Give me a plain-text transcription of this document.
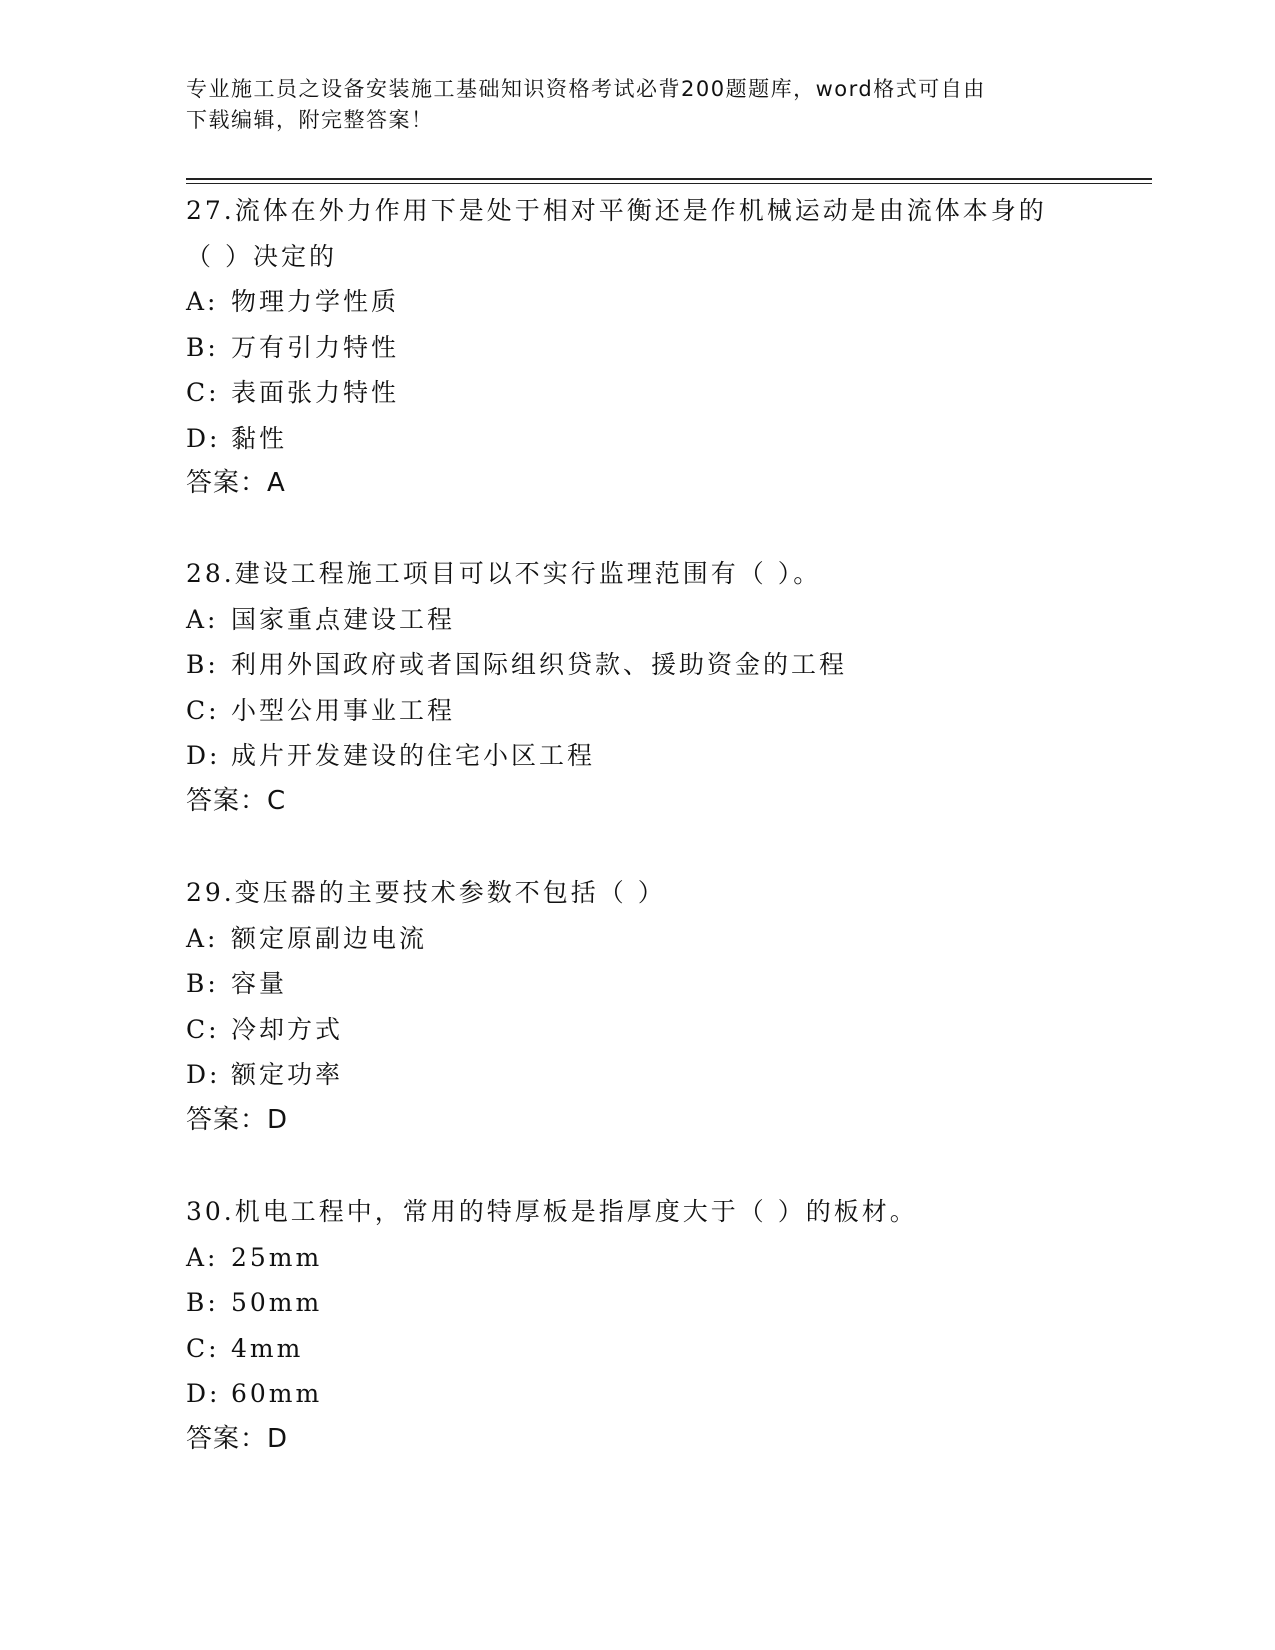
专业施工员之设备安装施工基础知识资格考试必背200题题库，word格式可自由
下载编辑，附完整答案！

27.流体在外力作用下是处于相对平衡还是作机械运动是由流体本身的

（ ）决定的

A: 物理力学性质

B: 万有引力特性

C: 表面张力特性

D: 黏性

答案：A

28.建设工程施工项目可以不实行监理范围有（ ）。

A: 国家重点建设工程

B: 利用外国政府或者国际组织贷款、援助资金的工程

C: 小型公用事业工程

D: 成片开发建设的住宅小区工程

答案：C

29.变压器的主要技术参数不包括（ ）

A: 额定原副边电流

B: 容量

C: 冷却方式

D: 额定功率

答案：D

30.机电工程中，常用的特厚板是指厚度大于（ ）的板材。

A: 25mm

B: 50mm

C: 4mm

D: 60mm

答案：D
